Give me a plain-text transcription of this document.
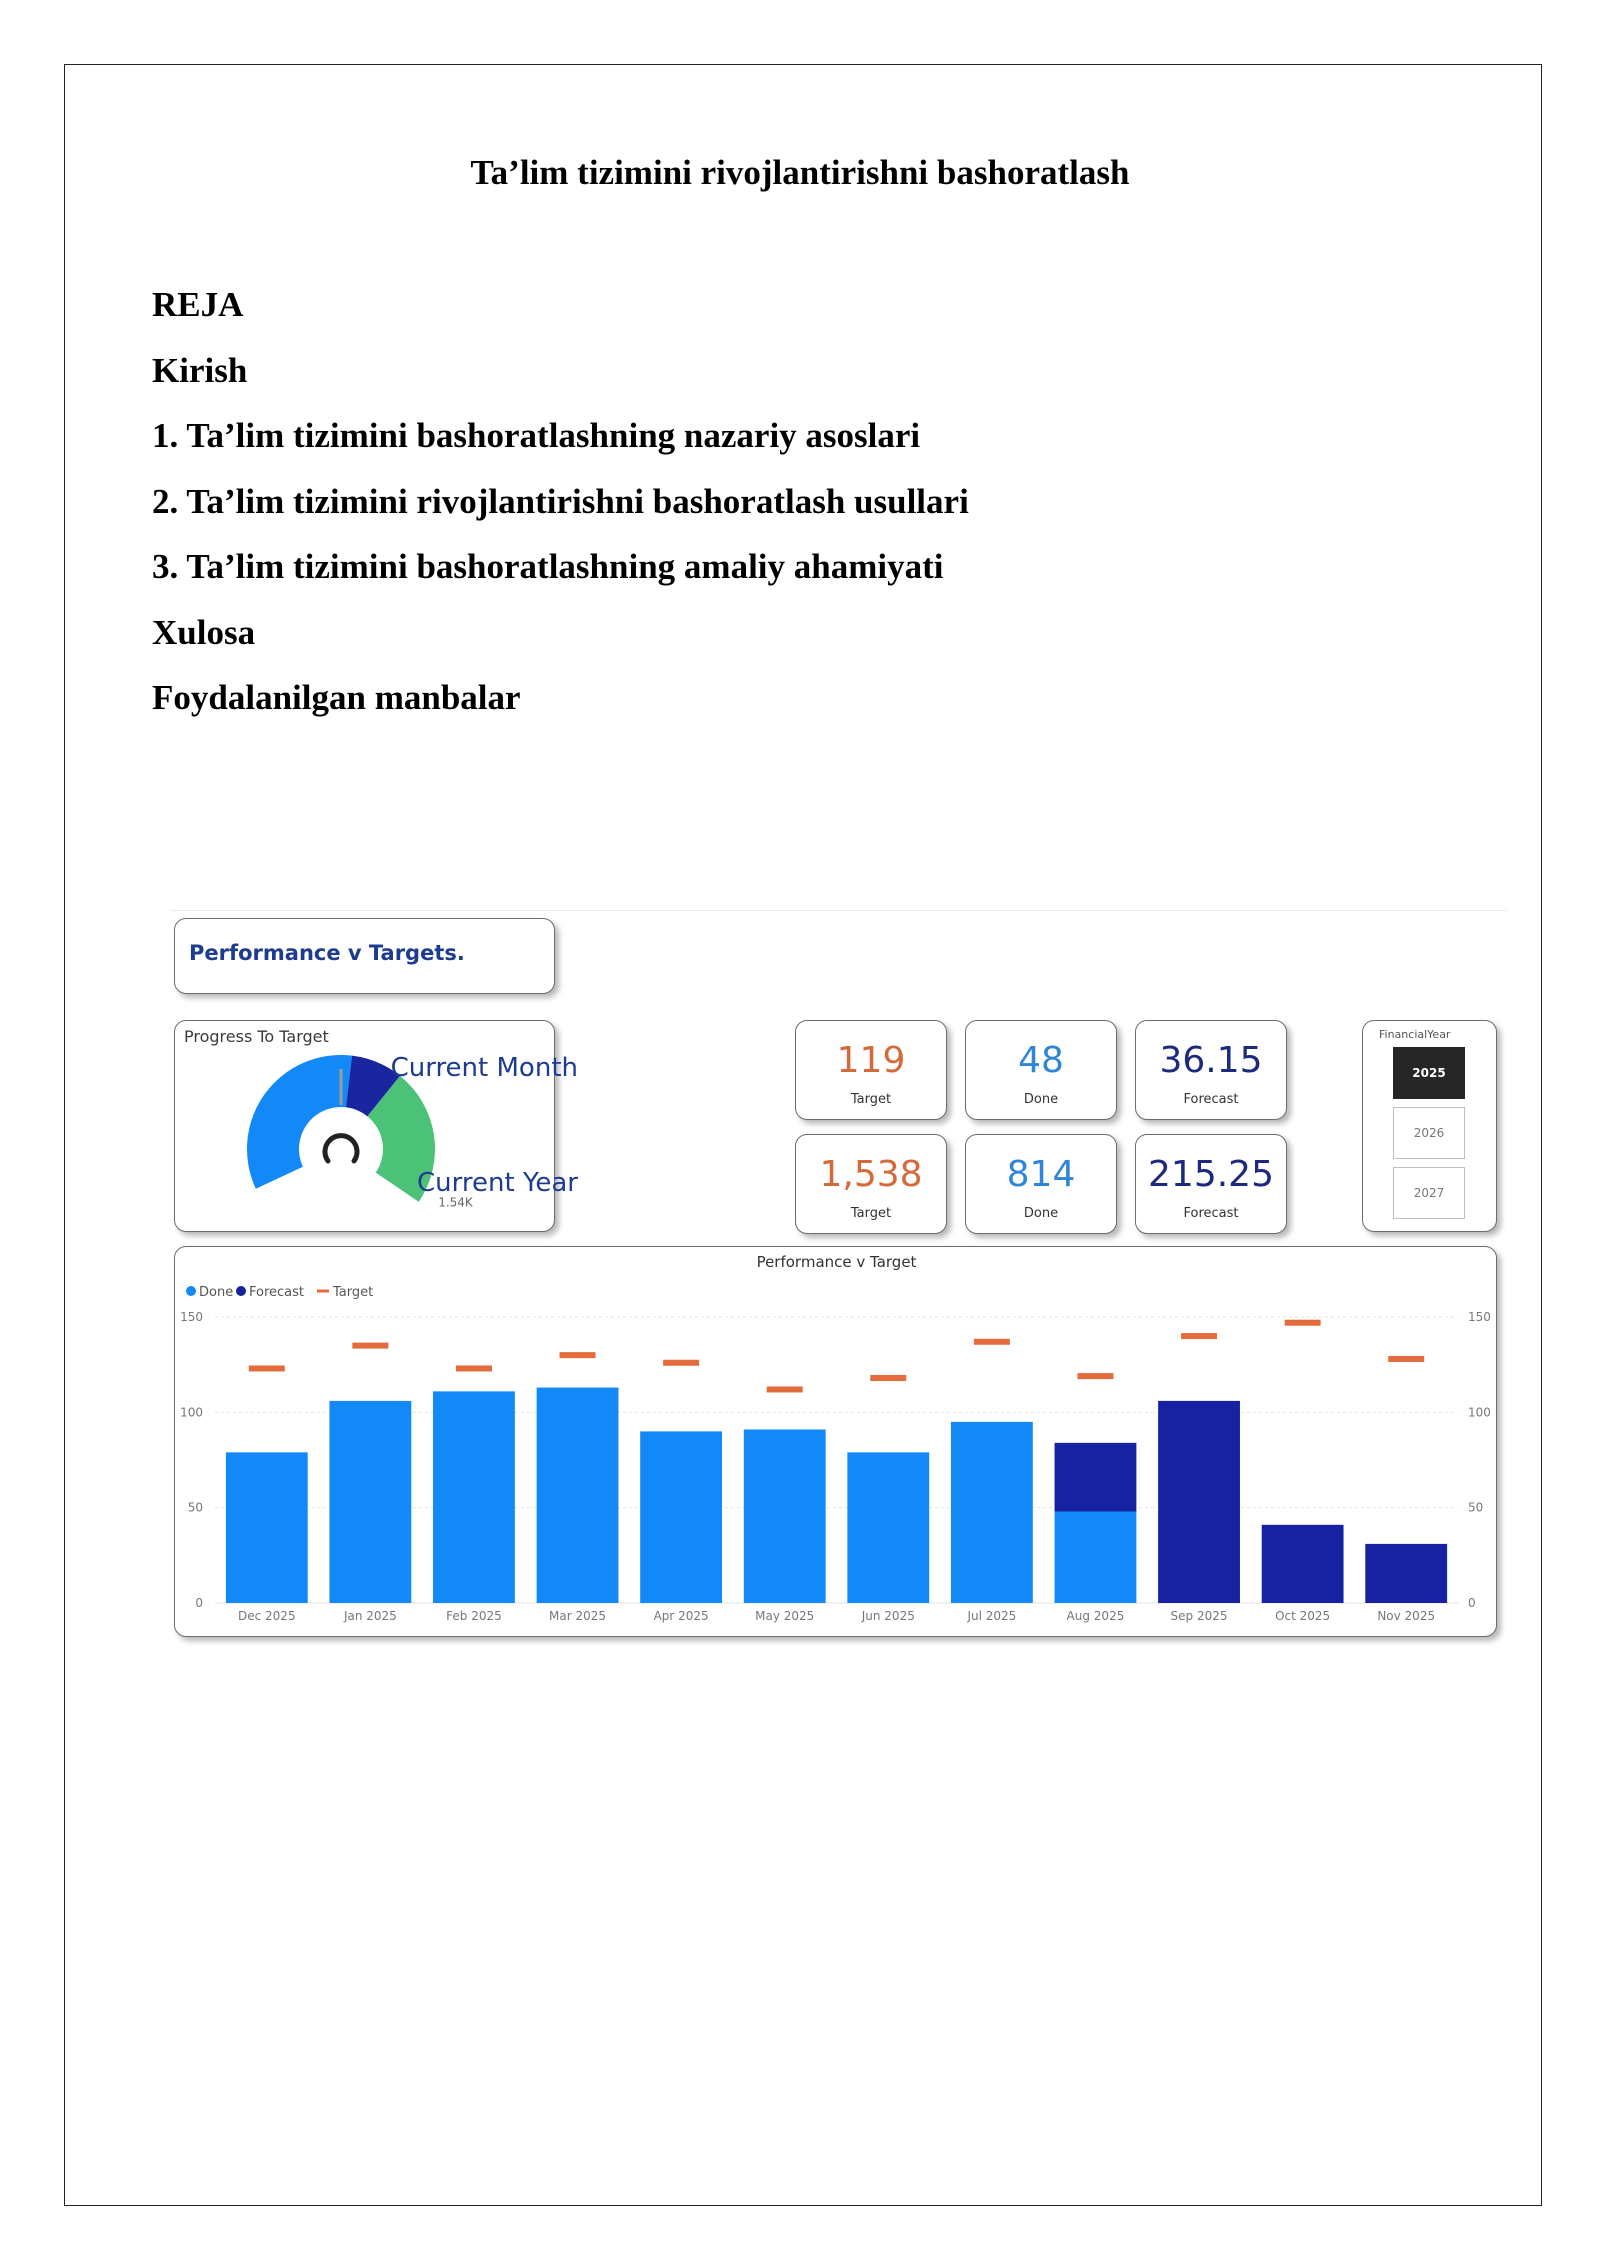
Ta’lim tizimini rivojlantirishni bashoratlash
REJA
Kirish
1. Ta’lim tizimini bashoratlashning nazariy asoslari
2. Ta’lim tizimini rivojlantirishni bashoratlash usullari
3. Ta’lim tizimini bashoratlashning amaliy ahamiyati
Xulosa
Foydalanilgan manbalar
Performance v Targets.
Progress To Target
1.54K
Current Month
Current Year
119
Target
48
Done
36.15
Forecast
1,538
Target
814
Done
215.25
Forecast
FinancialYear
2025
2026
2027
Performance v Target
Done Forecast Target
0	0
50	50
100	100
150	150
Dec 2025	Jan 2025	Feb 2025	Mar 2025	Apr 2025	May 2025	Jun 2025	Jul 2025	Aug 2025	Sep 2025	Oct 2025	Nov 2025
